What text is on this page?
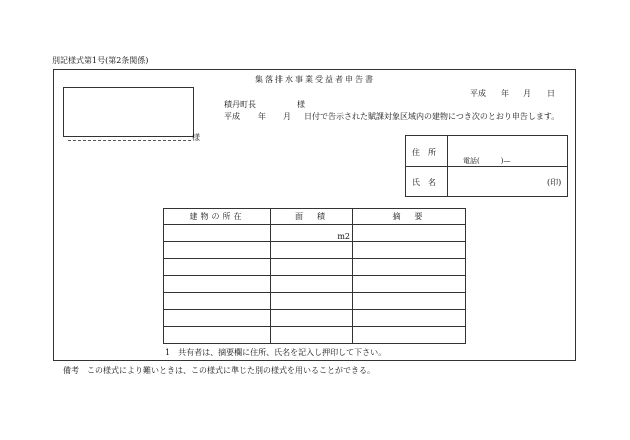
別記様式第1号(第2条関係)
集落排水事業受益者申告書
平成 年 月 日
様
積丹町長	様
平成 年 月 日付で告示された賦課対象区域内の建物につき次のとおり申告します。
住　所
電話(　　　)—
氏　名	(印)
建物の所在	面　積	摘　要
	m2	

1　共有者は、摘要欄に住所、氏名を記入し押印して下さい。
備考　この様式により難いときは、この様式に準じた別の様式を用いることができる。
